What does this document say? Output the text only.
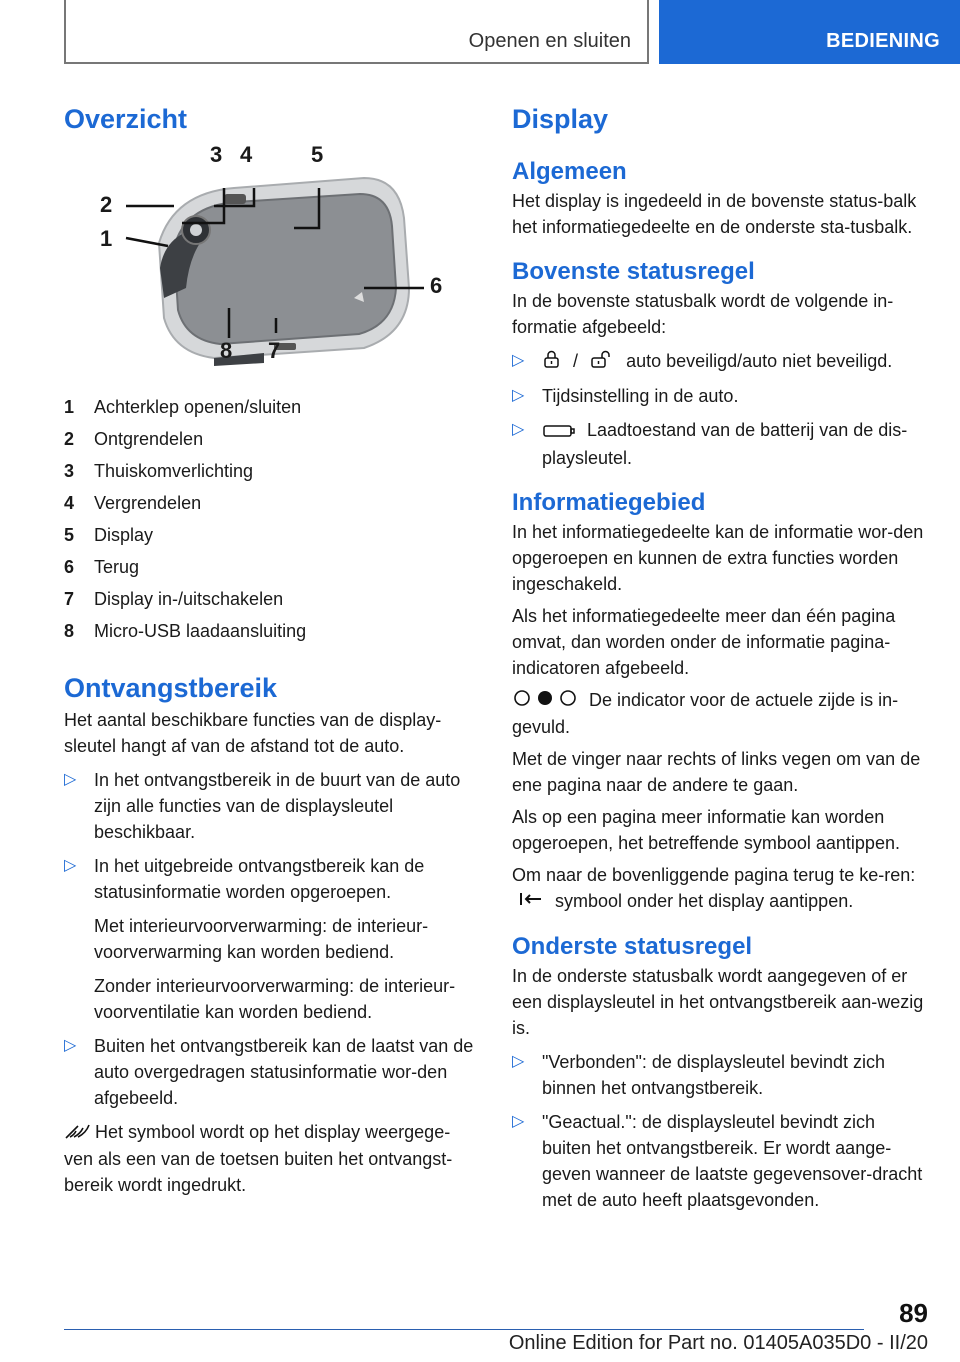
Openen en sluiten	BEDIENING
Overzicht
3 4	5
2
1
6
8 7
1	Achterklep openen/sluiten
2	Ontgrendelen
3	Thuiskomverlichting
4	Vergrendelen
5	Display
6	Terug
7	Display in-/uitschakelen
8	Micro-USB laadaansluiting
Ontvangstbereik

Het aantal beschikbare functies van de display-sleutel hangt af van de afstand tot de auto.

▷ In het ontvangstbereik in de buurt van de auto zijn alle functies van de displaysleutel beschikbaar.
▷ In het uitgebreide ontvangstbereik kan de statusinformatie worden opgeroepen.

Met interieurvoorverwarming: de interieur-voorverwarming kan worden bediend.

Zonder interieurvoorverwarming: de interieur-voorventilatie kan worden bediend.

▷ Buiten het ontvangstbereik kan de laatst van de auto overgedragen statusinformatie wor-den afgebeeld.

Het symbool wordt op het display weergege-ven als een van de toetsen buiten het ontvangst-bereik wordt ingedrukt.

Display
Algemeen

Het display is ingedeeld in de bovenste status-balk het informatiegedeelte en de onderste sta-tusbalk.

Bovenste statusregel

In de bovenste statusbalk wordt de volgende in-formatie afgebeeld:

▷	/	auto beveiligd/auto niet beveiligd.
▷ Tijdsinstelling in de auto.
▷	Laadtoestand van de batterij van de dis-playsleutel.
Informatiegebied

In het informatiegedeelte kan de informatie wor-den opgeroepen en kunnen de extra functies worden ingeschakeld.

Als het informatiegedeelte meer dan één pagina omvat, dan worden onder de informatie pagina-indicatoren afgebeeld.

De indicator voor de actuele zijde is in-gevuld.

Met de vinger naar rechts of links vegen om van de ene pagina naar de andere te gaan.

Als op een pagina meer informatie kan worden opgeroepen, het betreffende symbool aantippen.

Om naar de bovenliggende pagina terug te ke-ren:  symbool onder het display aantippen.

Onderste statusregel

In de onderste statusbalk wordt aangegeven of er een displaysleutel in het ontvangstbereik aan-wezig is.

▷ "Verbonden": de displaysleutel bevindt zich binnen het ontvangstbereik.
▷ "Geactual.": de displaysleutel bevindt zich buiten het ontvangstbereik. Er wordt aange-geven wanneer de laatste gegevensover-dracht met de auto heeft plaatsgevonden.
89
Online Edition for Part no. 01405A035D0 - II/20
